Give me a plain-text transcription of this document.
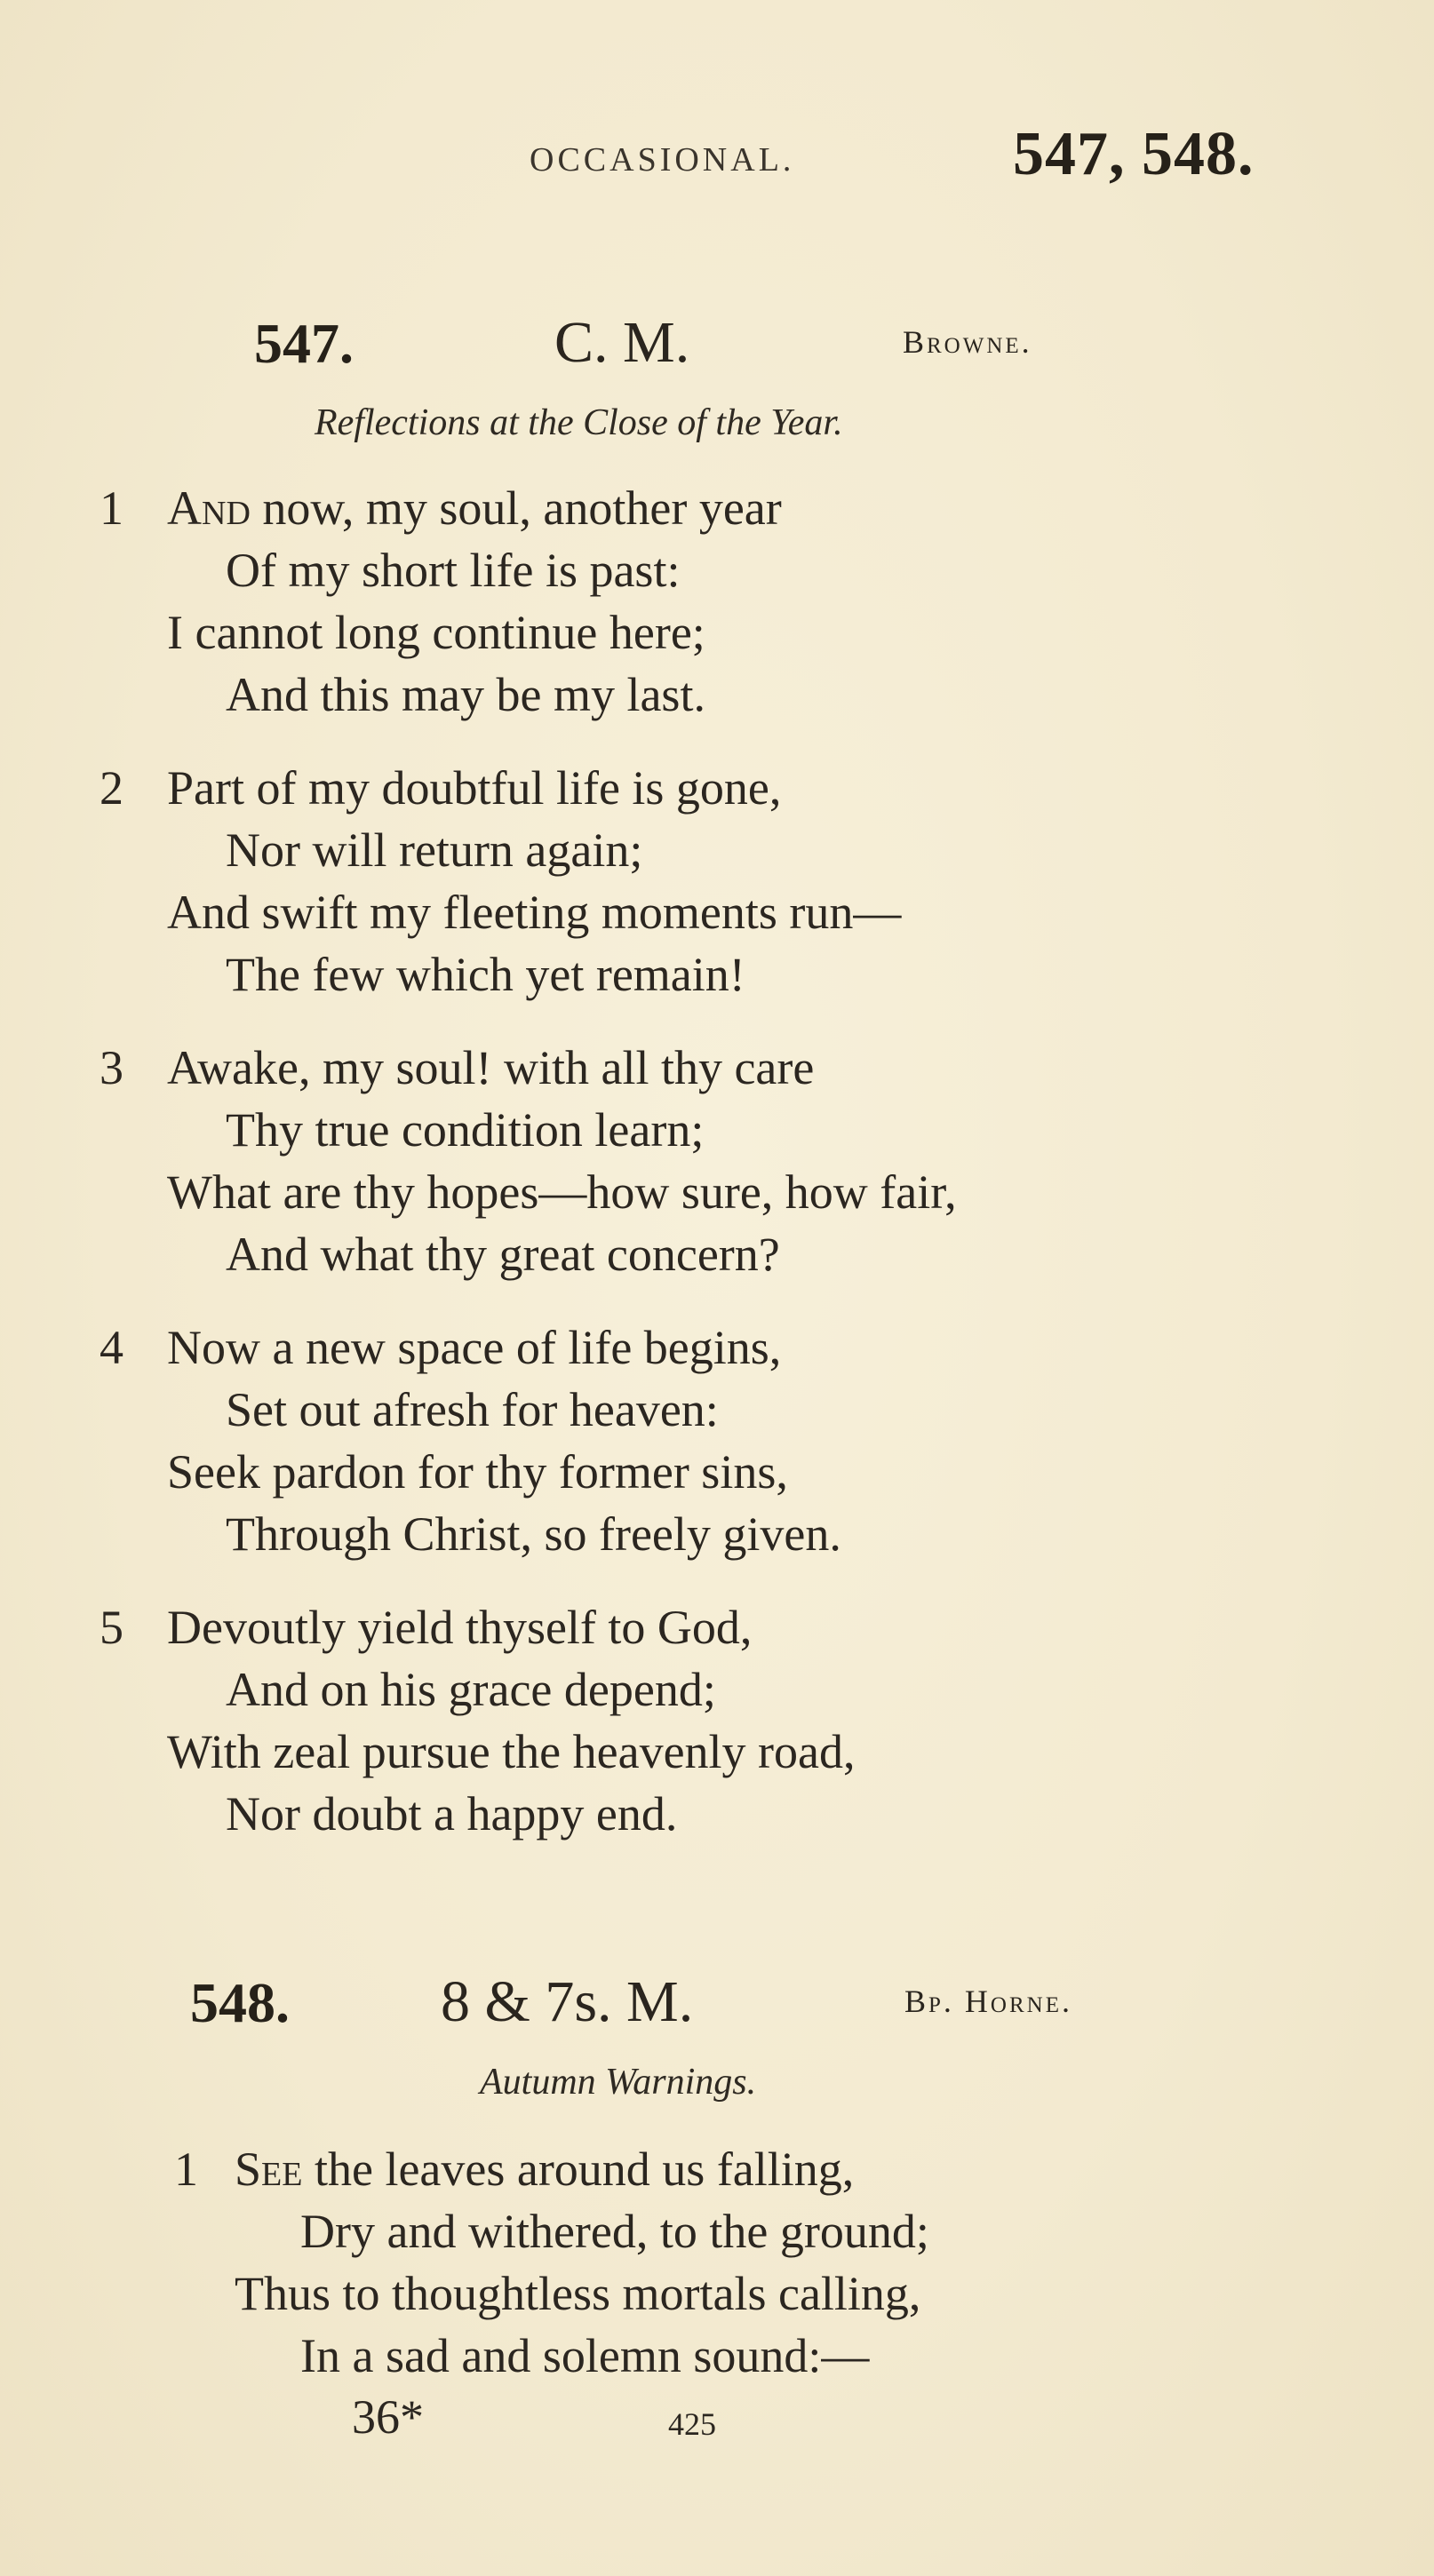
OCCASIONAL.	547, 548.
547.	C. M.	Browne.
Reflections at the Close of the Year.
1 And now, my soul, another year
Of my short life is past:
I cannot long continue here;
And this may be my last.
2 Part of my doubtful life is gone,
Nor will return again;
And swift my fleeting moments run—
The few which yet remain!
3 Awake, my soul! with all thy care
Thy true condition learn;
What are thy hopes—how sure, how fair,
And what thy great concern?
4 Now a new space of life begins,
Set out afresh for heaven:
Seek pardon for thy former sins,
Through Christ, so freely given.
5 Devoutly yield thyself to God,
And on his grace depend;
With zeal pursue the heavenly road,
Nor doubt a happy end.
548.	8 & 7s. M.	Bp. Horne.
Autumn Warnings.
1 See the leaves around us falling,
Dry and withered, to the ground;
Thus to thoughtless mortals calling,
In a sad and solemn sound:—
36*	425
